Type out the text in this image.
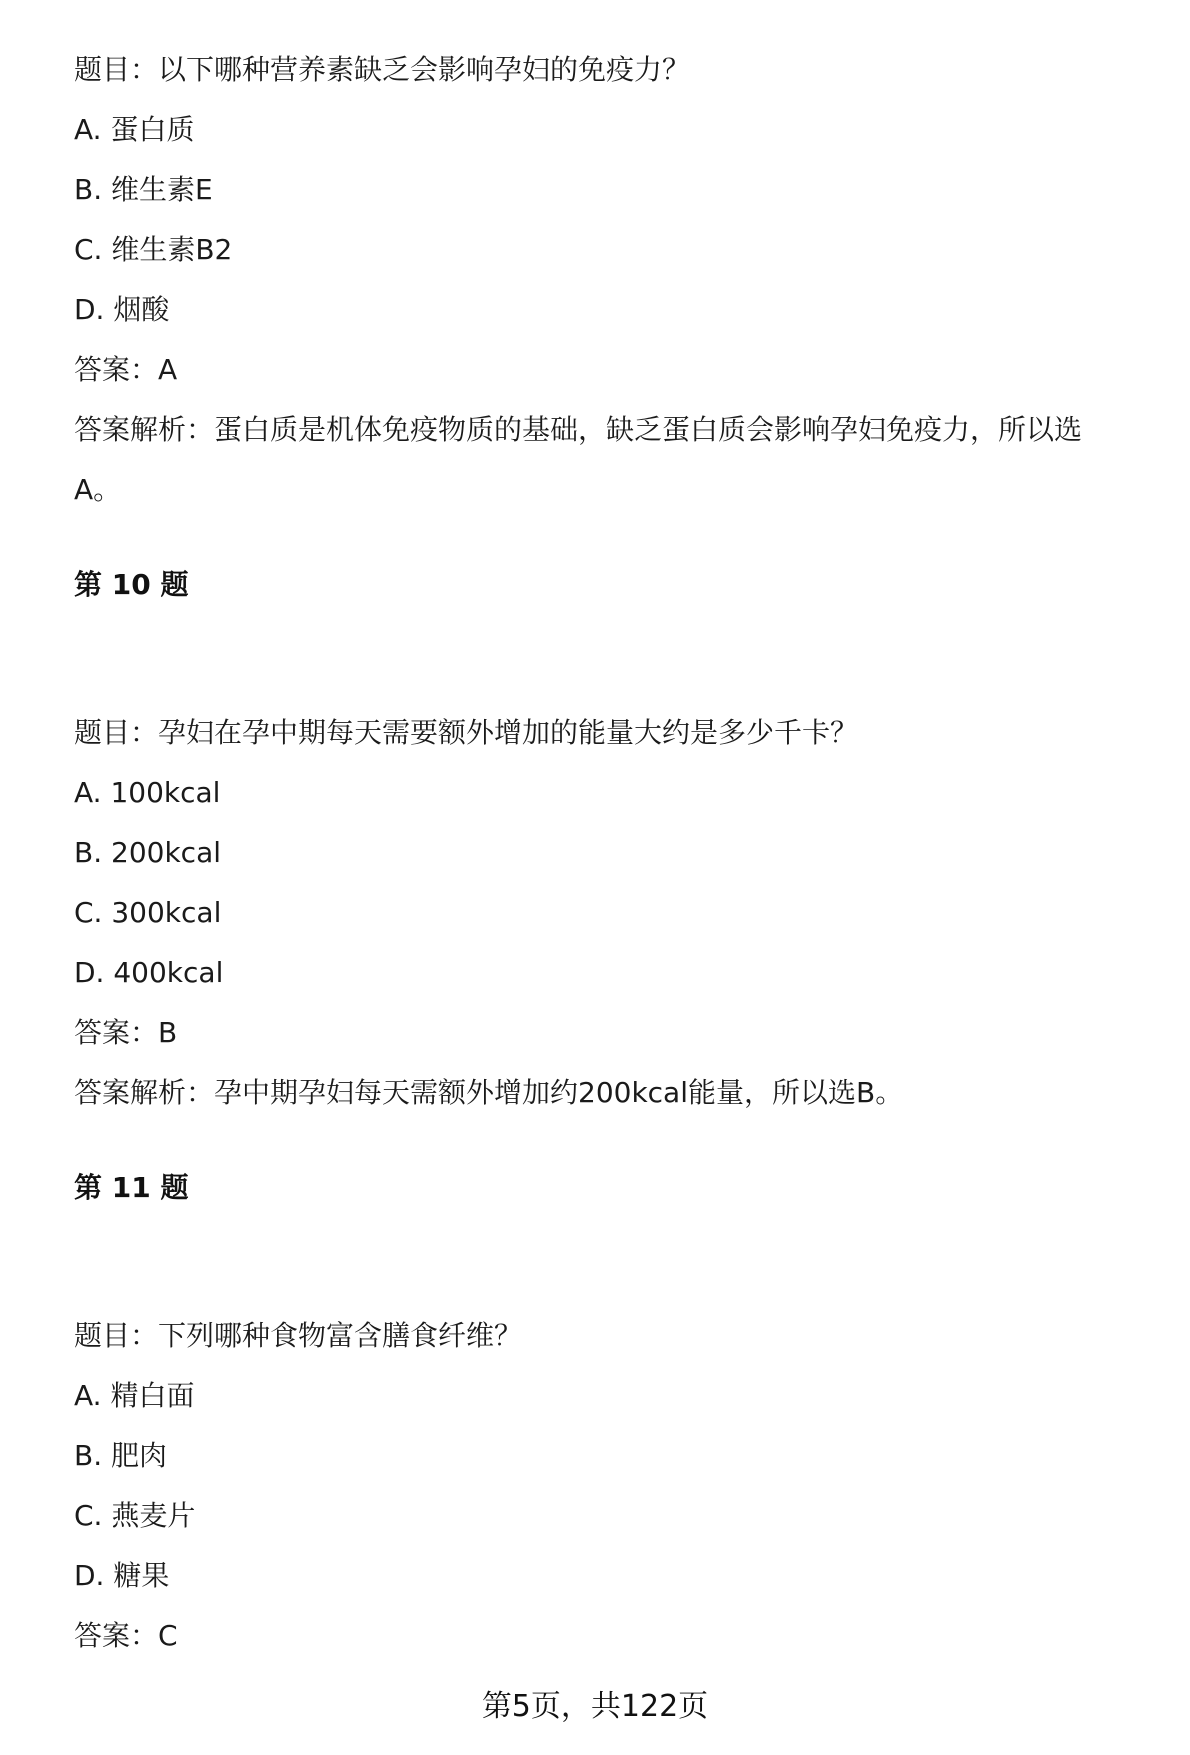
题目：以下哪种营养素缺乏会影响孕妇的免疫力？
A. 蛋白质
B. 维生素E
C. 维生素B2
D. 烟酸
答案：A
答案解析：蛋白质是机体免疫物质的基础，缺乏蛋白质会影响孕妇免疫力，所以选
A。
第 10 题
题目：孕妇在孕中期每天需要额外增加的能量大约是多少千卡？
A. 100kcal
B. 200kcal
C. 300kcal
D. 400kcal
答案：B
答案解析：孕中期孕妇每天需额外增加约200kcal能量，所以选B。
第 11 题
题目：下列哪种食物富含膳食纤维？
A. 精白面
B. 肥肉
C. 燕麦片
D. 糖果
答案：C
第5页，共122页
